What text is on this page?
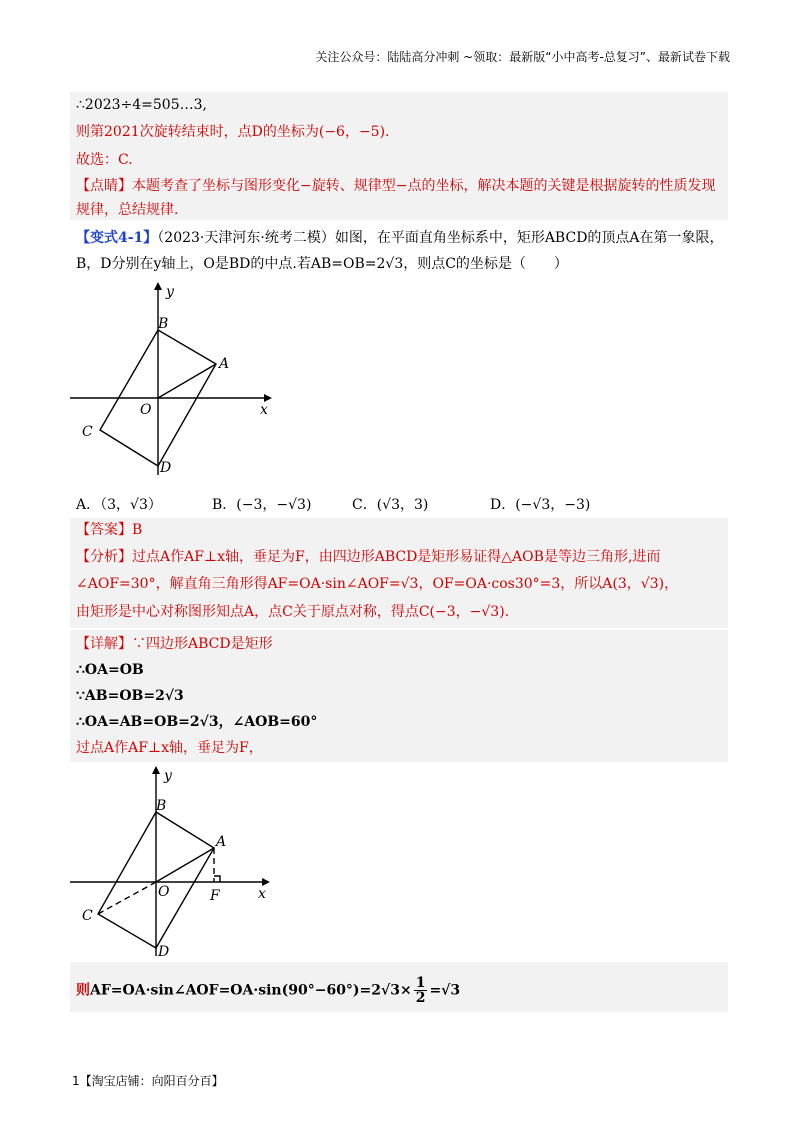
关注公众号：陆陆高分冲刺 ~领取：最新版“小中高考-总复习”、最新试卷下载
∴2023÷4=505…3,
则第2021次旋转结束时，点D的坐标为(−6，−5).
故选：C.
【点睛】本题考查了坐标与图形变化−旋转、规律型−点的坐标，解决本题的关键是根据旋转的性质发现
规律，总结规律.
【变式4-1】（2023·天津河东·统考二模）如图，在平面直角坐标系中，矩形ABCD的顶点A在第一象限，
B，D分别在y轴上，O是BD的中点.若AB=OB=2√3，则点C的坐标是（　　）
y
x
B
A
O
C
D
A．（3，√3）	B．(−3，−√3)	C．(√3，3)	D．(−√3，−3)
【答案】B
【分析】过点A作AF⊥x轴，垂足为F，由四边形ABCD是矩形易证得△AOB是等边三角形,进而
∠AOF=30°，解直角三角形得AF=OA·sin∠AOF=√3，OF=OA·cos30°=3，所以A(3，√3)，
由矩形是中心对称图形知点A，点C关于原点对称，得点C(−3，−√3).
【详解】∵四边形ABCD是矩形
∴OA=OB
∵AB=OB=2√3
∴OA=AB=OB=2√3，∠AOB=60°
过点A作AF⊥x轴，垂足为F，
y
x
B
A
O
C
D
F
则AF=OA·sin∠AOF=OA·sin(90°−60°)=2√3× $\frac{1}{2} =√3$
1【淘宝店铺：向阳百分百】
